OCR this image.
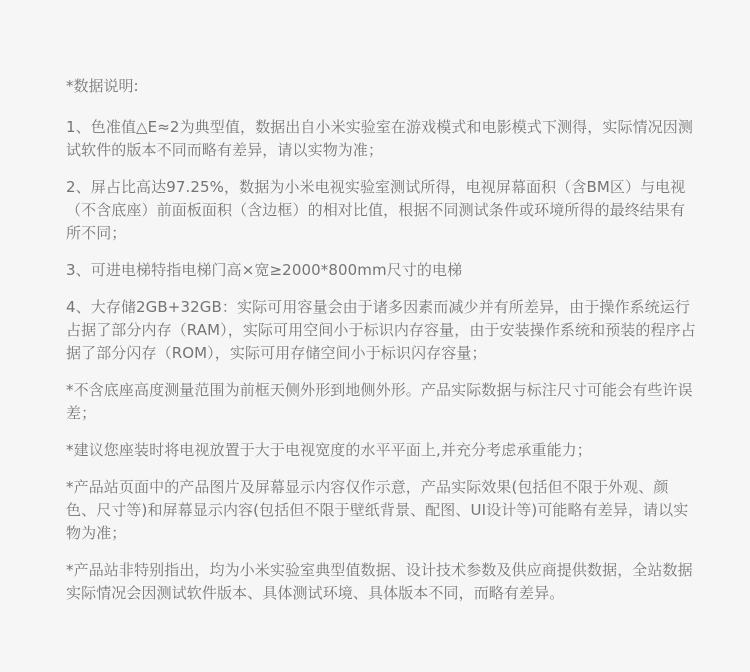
*数据说明:
1、色准值△E≈2为典型值，数据出自小米实验室在游戏模式和电影模式下测得，实际情况因测试软件的版本不同而略有差异，请以实物为准；
2、屏占比高达97.25%，数据为小米电视实验室测试所得，电视屏幕面积（含BM区）与电视（不含底座）前面板面积（含边框）的相对比值，根据不同测试条件或环境所得的最终结果有所不同；
3、可进电梯特指电梯门高×宽≥2000*800mm尺寸的电梯
4、大存储2GB+32GB：实际可用容量会由于诸多因素而减少并有所差异，由于操作系统运行占据了部分内存（RAM），实际可用空间小于标识内存容量，由于安装操作系统和预装的程序占据了部分闪存（ROM），实际可用存储空间小于标识闪存容量；
*不含底座高度测量范围为前框天侧外形到地侧外形。产品实际数据与标注尺寸可能会有些许误差；
*建议您座装时将电视放置于大于电视宽度的水平平面上,并充分考虑承重能力；
*产品站页面中的产品图片及屏幕显示内容仅作示意，产品实际效果(包括但不限于外观、颜色、尺寸等)和屏幕显示内容(包括但不限于壁纸背景、配图、UI设计等)可能略有差异，请以实物为准；
*产品站非特别指出，均为小米实验室典型值数据、设计技术参数及供应商提供数据，全站数据实际情况会因测试软件版本、具体测试环境、具体版本不同，而略有差异。
